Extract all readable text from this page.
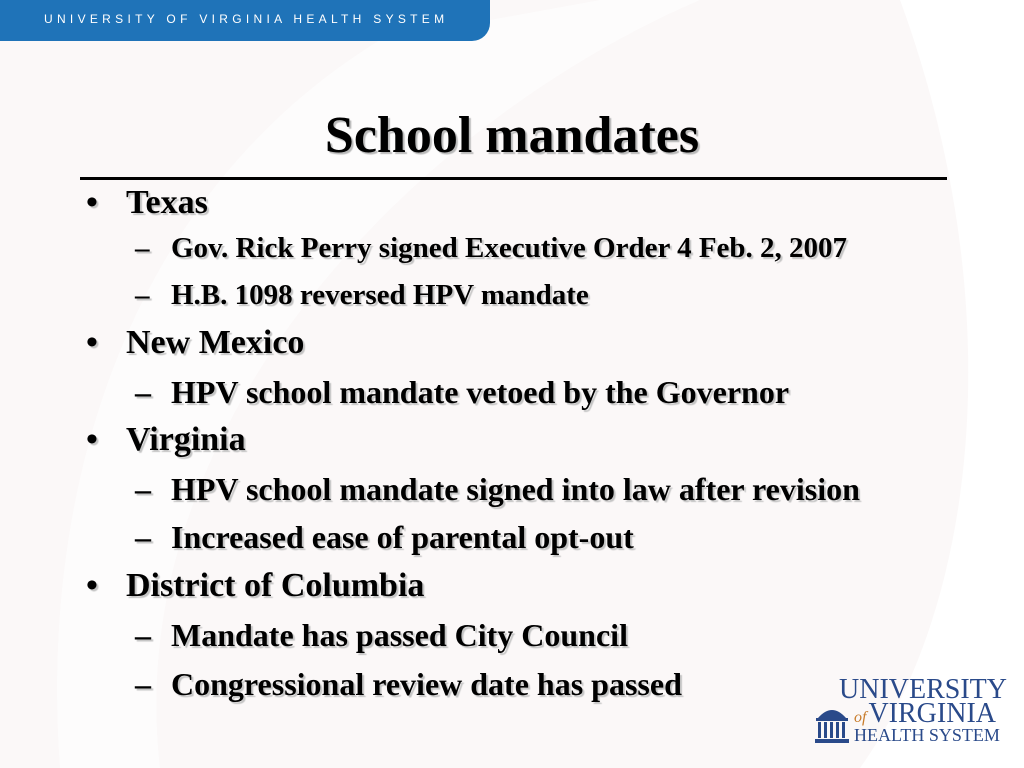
UNIVERSITY OF VIRGINIA HEALTH SYSTEM
School mandates
• Texas
– Gov. Rick Perry signed Executive Order 4 Feb. 2, 2007
– H.B. 1098 reversed HPV mandate
• New Mexico
– HPV school mandate vetoed by the Governor
• Virginia
– HPV school mandate signed into law after revision
– Increased ease of parental opt-out
• District of Columbia
– Mandate has passed City Council
– Congressional review date has passed	UNIVERSITY
ofVIRGINIA
HEALTH SYSTEM
